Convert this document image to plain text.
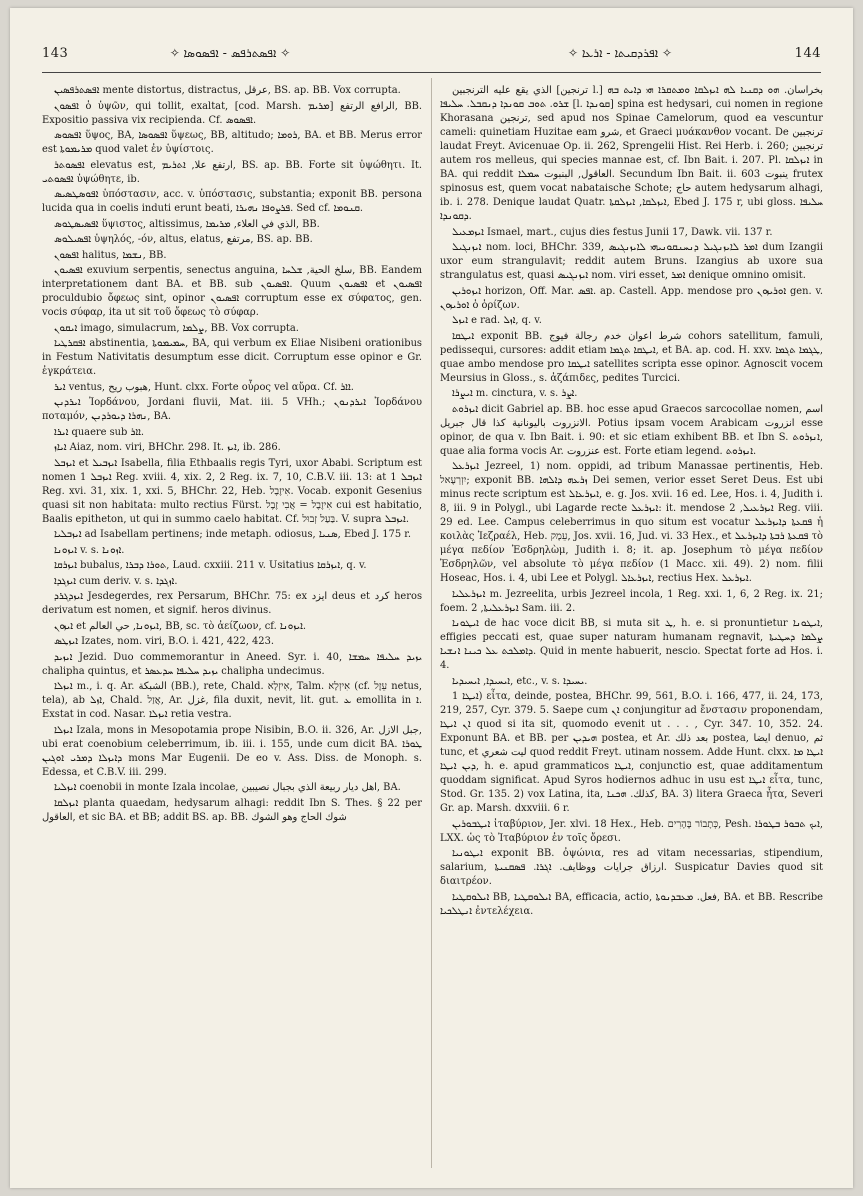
143	✧ ܐܦܣܬܪܦܣ - ܐܦܣܘܣܐ ✧	✧ ܐܦܪܕܩܝܬܐ - ܐܪܥܐ ✧	144

ܐܦܣܬܪܦܣܝܢ mente distortus, distractus, عرقل, BS. ap. BB. Vox corrupta.

ܐܦܣܘܢ ὁ ὑψῶν, qui tollit, exaltat, [cod. Marsh. ܡܪܝܡ] الرافع الرتفع, BB. Expositio passiva vix recipienda. Cf. ܐܦܣܘܣ.

ܐܦܣܘܣ ὕψος, BA, ܐܦܣܘܣܐ ὕψεως, BB, altitudo; ܪܘܡܐ, BA. et BB. Merus error est ܡܪܝܡܘܬܐ quod valet ἐν ὑψίστοις.

ܐܦܣܘܬܪ elevatus est, ارتفع علا, ܐܬܪܝܡ, BS. ap. BB. Forte sit ὑψώθητι. It. ܐܦܣܘܬܝ ὑψώθητε, ib.

ܐܦܘܣܛܣܝܣ ὑπόστασιν, acc. v. ὑπόστασις, substantia; exponit BB. persona lucida qua in coelis induti erunt beati, ܦܪܨܘܦܐ ܢܗܝܪܐ. Sed cf. ܩܢܘܡܐ.

ܐܦܣܝܣܛܘܣ ὕψιστος, altissimus, الذي في العلاء, ܡܪܝܡܐ, BB.

ܐܦܣܝܠܘܣ ὑψηλός, -όν, altus, elatus, مرتفع, BS. ap. BB.

ܐܦܣܘܢ halitus, ܢܫܡܐ, BB.

ܐܦܣܝܘܢ exuvium serpentis, senectus anguina, سلخ الحية, ܫܠܚܐ, BB. Eandem interpretationem dant BA. et BB. sub ܐܦܣܝܘܢ. Quum ܐܦܣܝܘܢ et ܐܦܣܝܘܢ proculdubio ὄφεως sint, opinor ܐܦܣܝܘܢ corruptum esse ex σύφατος, gen. vocis σύφαρ, ita ut sit τοῦ ὄφεως τὸ σύφαρ.

ܐܝܩܘܢ imago, simulacrum, ܨܠܡܐ, BB. Vox corrupta.

ܐܦܩܪܛܝܐ abstinentia, ܚܡܝܡܘܬܐ, BA, qui verbum ex Eliae Nisibeni orationibus in Festum Nativitatis desumptum esse dicit. Corruptum esse opinor e Gr. ἐγκράτεια.

ܐܝܪ ventus, هبوب ريح, Hunt. clxx. Forte οὖρος vel αὔρα. Cf. ܐܐܪ.

ܐܝܪܕܢܢ Ἰορδάνου, Jordani fluvii, Mat. iii. 5 VHh.; ܐܝܪܕܢܘܢ Ἰορδάνου ποταμόν, ܢܗܪܐ ܕܝܘܪܕܢܢ, BA.

ܐܝܪܐ quaere sub ܐܐܪ.

ܐܝܐܙ Aiaz, nom. viri, BHChr. 298. It. ܐܝܙ, ib. 286.

ܐܝܙܒܠ et ܐܝܙܒܝܠ Isabella, filia Ethbaalis regis Tyri, uxor Ababi. Scriptum est nomen ܐܝܙܒܠ 1 Reg. xviii. 4, xix. 2, 2 Reg. ix. 7, 10, C.B.V. iii. 13: at ܐܝܙܒܠ 1 Reg. xvi. 31, xix. 1, xxi. 5, BHChr. 22, Heb. אִיזֶבֶל. Vocab. exponit Gesenius quasi sit non habitata: multo rectius Fürst. אִיזֶבֶל = אֲבִי זֶבֶל cui est habitatio, Baalis epitheton, ut qui in summo caelo habitat. Cf. בַּעַל זְבוּל. V. supra ܐܝܙܒܠ.

ܐܝܙܒܠܝܐ ad Isabellam pertinens; inde metaph. odiosus, ܣܢܝܐ, Ebed J. 175 r.

ܐܝܙܘܢܐ v. s. ܐܙܘܢܐ.

ܐܝܙܪܩܐ bubalus, ܬܘܪܐ ܕܒܪܐ, Laud. cxxiii. 211 v. Usitatius ܐܝܙܪܩܐ, q. v.

ܐܝܙܓܕܐ cum deriv. v. s. ܐܙܓܕܐ.

ܐܝܙܕܓܪܕ Jesdegerdes, rex Persarum, BHChr. 75: ex ايزد deus et كرد heros derivatum est nomen, et signif. heros divinus.

ܐܝܙܘܢ et ܐܝܙܘܢܐ, حي العالم, BB, sc. τὸ ἀείζωον, cf. ܐܝܙܘܢܐ.

ܐܝܙܛܣ Izates, nom. viri, B.O. i. 421, 422, 423.

ܐܝܙܝܕ Jezid. Duo commemorantur in Aneed. Syr. i. 40, ܝܙܝܕ ܚܠܝܦܐ ܚܡܫܐ chalipha quintus, et ܝܙܝܕ ܚܠܝܦܐ ܚܕܥܣܪ chalipha undecimus.

ܐܝܙܠܐ m., i. q. Ar. الشبكة (BB.), rete, Chald. אִיזְלָא, Talm. אִיזְלָא (cf. עֵזֶל netus, tela), ab ܐܙܠ, Chald. אֲזַל, Ar. غزل, fila duxit, nevit, lit. gut. ܥ emollita in ܐ. Exstat in cod. Nasar. ܐܝܙܠܐ retia vestra.

ܐܝܙܠܐ Izala, mons in Mesopotamia prope Nisibin, B.O. ii. 326, Ar. جبل الازل, ubi erat coenobium celeberrimum, ib. iii. i. 155, unde cum dicit BA. ܛܘܪܐ ܕܐܝܙܠܐ ܕܡܪܝ ܐܘܓܝܢ mons Mar Eugenii. De eo v. Ass. Diss. de Monoph. s. Edessa, et C.B.V. iii. 299.

ܐܝܙܠܝܐ coenobii in monte Izala incolae, اهل ديار ربيعة الذي بجبال نصيبين, BA.

ܐܝܙܠܩܐ planta quaedam, hedysarum alhagi: reddit Ibn S. Thes. § 22 per العاقول, et sic BA. et BB; addit BS. ap. BB. شوك الحاج وهو الشوك

الذي يقع عليه الترنجبين [ترنجين l.] بخراسان. ܗܘ ܕܩܢܝܐ ܠܗ ܐܝܙܠܩܐ ܘܡܬܩܪܐ ܗܝ ܕܐܝܬ ܒܗ ܫܪܘ. ܬܘܒ ܩܘܢܕܐ ܕܢܩܒܠ. ܚܠܝܦܐ [l. ܩܘܢܕܐ] spina est hedysari, cui nomen in regione Khorasana ترنجين, sed apud nos Spinae Camelorum, quod ea vescuntur cameli: quinetiam Huzitae eam شرو, et Graeci μυάκανθον vocant. De ترنجبين laudat Freyt. Avicenuae Op. ii. 262, Sprengelii Hist. Rei Herb. i. 260; ترنجبين autem ros melleus, qui species mannae est, cf. Ibn Bait. i. 207. Pl. ܐܝܙܠܩܐ in BA. qui reddit العاقول, البنبوت ܚܡܠܐ. Secundum Ibn Bait. ii. 603 ينبوت frutex spinosus est, quem vocat nabataische Schote; حاج autem hedysarum alhagi, ib. i. 278. Denique laudat Quatr. ܐܝܙܠܩܐ, ܐܝܙܠܩܬܐ, Ebed J. 175 r, ubi gloss. ܚܠܝܦܐ ܕܩܘܢܕܐ.

ܐܝܙܡܥܝܠ Ismael, mart., cujus dies festus Junii 17, Dawk. vii. 137 r.

ܐܝܙܢܓܝܠ nom. loci, BHChr. 339, ܐܡܪ ܠܐܝܙܢܓܝܠ ܕܢܚܢܩܘܢܝܗܝ ܠܐܝܙܢܓܝܣ dum Izangii uxor eum strangulavit; reddit autem Bruns. Izangius ab uxore sua strangulatus est, quasi ܐܝܙܢܓܝܣ nom. viri esset, ܐܡܪ denique omnino omisit.

ܐܝܙܘܪܝܢ horizon, Off. Mar. ܐܦܣ. ap. Castell. App. mendose pro ܐܘܪܝܙܘܢ gen. v. ܐܘܪܝܙܘܢ ὁ ὁρίζων.

ܐܝܙܠ e rad. ܐܙܠ, q. v.

ܐܝܛܩܐ exponit BB. شرط اعوان خدم رجالة فيوج cohors satellitum, famuli, pedissequi, cursores: addit etiam ܐܝܛܩܐ ܬܓܡܐ, et BA. ap. cod. H. xxv. ܛܓܡܐ ܬܓܡܐ, quae ambo mendose pro ܐܝܛܩܐ satellites scripta esse opinor. Agnoscit vocem Meursius in Gloss., s. ἀζάπιδες, pedites Turcici.

ܐܝܨܪܐ m. cinctura, v. s. ܐܨܪ.

ܐܝܙܪܘܬ dicit Gabriel ap. BB. hoc esse apud Graecos sarcocollae nomen, اسم الانزروت باليونانية كذا قال جبريل. Potius ipsam vocem Arabicam انزروت esse opinor, de qua v. Ibn Bait. i. 90: et sic etiam exhibent BB. et Ibn S. ܐܢܙܪܘܬ, quae alia forma vocis Ar. عنزروت est. Forte etiam legend. ܐܢܙܪܘܬ.

ܐܝܙܪܥܠ Jezreel, 1) nom. oppidi, ad tribum Manassae pertinentis, Heb. יִזְרְעֶאל; exponit BB. ܙܪܥܗ ܕܐܠܗܐ Dei semen, verior esset Seret Deus. Est ubi minus recte scriptum est ܐܝܙܪܥܐܠ, e. g. Jos. xvii. 16 ed. Lee, Hos. i. 4, Judith i. 8, iii. 9 in Polygl., ubi Lagarde recte ܐܝܙܪܥܠ: it. mendose ܐܝܙܪܥܝܠ, 2 Reg. viii. 29 ed. Lee. Campus celeberrimus in quo situm est vocatur ܦܩܥܬܐ ܕܐܝܙܪܥܠ ἡ κοιλὰς Ἰεζραέλ, Heb. עֵמֶק, Jos. xvii. 16, Jud. vi. 33 Hex., et ܦܩܥܬܐ ܪܒܬܐ ܕܐܝܙܪܥܠ τὸ μέγα πεδίον Ἐσδρηλὼμ, Judith i. 8; it. ap. Josephum τὸ μέγα πεδίον Ἐσδρηλῶν, vel absolute τὸ μέγα πεδίον (1 Macc. xii. 49). 2) nom. filii Hoseac, Hos. i. 4, ubi Lee et Polygl. ܐܝܙܪܥܐܠ, rectius Hex. ܐܝܙܪܥܠ.

ܐܝܙܪܥܠܝܐ m. Jezreelita, urbis Jezreel incola, 1 Reg. xxi. 1, 6, 2 Reg. ix. 21; foem. ܐܝܙܪܥܠܝܬܐ, 2 Sam. iii. 2.

ܐܝܛܘܢܐ de hac voce dicit BB, si muta sit ܛ, h. e. si pronuntietur ܐܝܛܘܢܐ, effigies peccati est, quae super naturam humanam regnavit, ܨܠܡܐ ܕܚܛܝܬܐ ܕܐܡܠܟܬ ܥܠ ܟܝܢܐ ܐܢܫܝܐ. Quid in mente habuerit, nescio. Spectat forte ad Hos. i. 4.

ܐܝܚܝܕܐ, ܐܝܚܝܕܝܐ, etc., v. s. ܝܚܝܕܐ.

ܐܝܛܐ 1) εἶτα, deinde, postea, BHChr. 99, 561, B.O. i. 166, 477, ii. 24, 173, 219, 257, Cyr. 379. 5. Saepe cum ܐܢ conjungitur ad ἔνστασιν proponendam, ܐܢ ܐܝܛܐ quod si ita sit, quomodo evenit ut . . . , Cyr. 347. 10, 352. 24. Exponunt BA. et BB. per ܗܝܕܝܢ postea, et Ar. بعد ذلك postea, ايضا denuo, ثم tunc, et ليت شعري quod reddit Freyt. utinam nossem. Adde Hunt. clxx. ܐܝܛܐ ܡܐ ܕܝܢ ܐܝܛܐ, h. e. apud grammaticos ܐܝܛܐ, conjunctio est, quae additamentum quoddam significat. Apud Syros hodiernos adhuc in usu est ܐܝܛܐ εἶτα, tunc, Stod. Gr. 135. 2) vox Latina, ita, كذلك. ܗܟܢܐ, BA. 3) litera Graeca ἦτα, Severi Gr. ap. Marsh. dxxviii. 6 r.

ܐܝܛܒܘܪܝܢ ἰταβύριον, Jer. xlvi. 18 Hex., Heb. כְּתָבוֹר בֶּהָרִים, Pesh. ܐܝܟ ܬܒܘܪ ܒܛܘܪܐ, LXX. ὡς τὸ Ἰταβύριον ἐν τοῖς ὄρεσι.

ܐܝܛܘܢܝܐ exponit BB. ὀψώνια, res ad vitam necessarias, stipendium, salarium, ارزاق جرايات ووظايف. ܐܓܪܐ. ܦܣܩܢܝܬܐ. Suspicatur Davies quod sit διαιτρέον.

ܐܝܠܘܩܛܝܐ BB, ܐܝܠܘܩܛܝܐ BA, efficacia, actio, فعل. ܡܥܒܕܢܘܬܐ, BA. et BB. Rescribe ܐܢܛܠܟܝܐ ἐντελέχεια.
